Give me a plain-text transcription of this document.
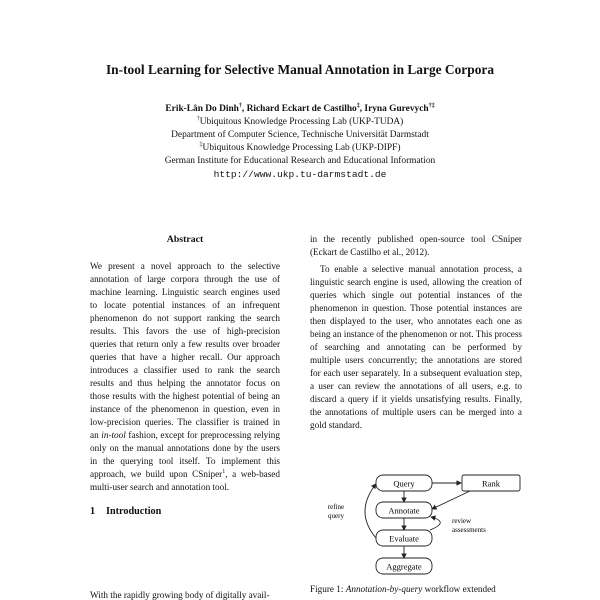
In-tool Learning for Selective Manual Annotation in Large Corpora
Erik-Lân Do Dinh†, Richard Eckart de Castilho‡, Iryna Gurevych†‡
†Ubiquitous Knowledge Processing Lab (UKP-TUDA)
Department of Computer Science, Technische Universität Darmstadt
‡Ubiquitous Knowledge Processing Lab (UKP-DIPF)
German Institute for Educational Research and Educational Information
http://www.ukp.tu-darmstadt.de
Abstract

We present a novel approach to the selective annotation of large corpora through the use of machine learning. Linguistic search engines used to locate potential instances of an infrequent phenomenon do not support ranking the search results. This favors the use of high-precision queries that return only a few results over broader queries that have a higher recall. Our approach introduces a classifier used to rank the search results and thus helping the annotator focus on those results with the highest potential of being an instance of the phenomenon in question, even in low-precision queries. The classifier is trained in an in-tool fashion, except for preprocessing relying only on the manual annotations done by the users in the querying tool itself. To implement this approach, we build upon CSniper$^1$, a web-based multi-user search and annotation tool.

1 Introduction
With the rapidly growing body of digitally avail-

in the recently published open-source tool CSniper (Eckart de Castilho et al., 2012).

To enable a selective manual annotation process, a linguistic search engine is used, allowing the creation of queries which single out potential instances of the phenomenon in question. Those potential instances are then displayed to the user, who annotates each one as being an instance of the phenomenon or not. This process of searching and annotating can be performed by multiple users concurrently; the annotations are stored for each user separately. In a subsequent evaluation step, a user can review the annotations of all users, e.g. to discard a query if it yields unsatisfying results. Finally, the annotations of multiple users can be merged into a gold standard.

Query	Rank
Annotate
Evaluate
Aggregate
refine
query
review
assessments
Figure 1: Annotation-by-query workflow extended
